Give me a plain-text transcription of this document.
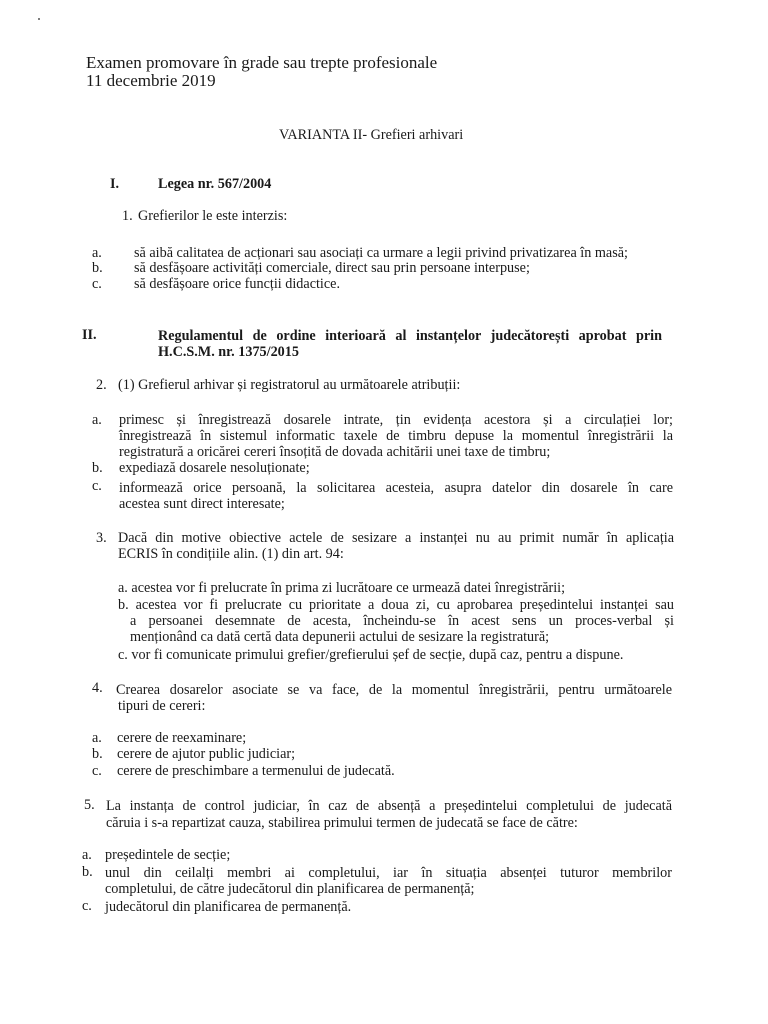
Examen promovare în grade sau trepte profesionale
11 decembrie 2019
VARIANTA II- Grefieri arhivari
I.	Legea nr. 567/2004
1. Grefierilor le este interzis:
a. să aibă calitatea de acționari sau asociați ca urmare a legii privind privatizarea în masă;
b. să desfășoare activități comerciale, direct sau prin persoane interpuse;
c. să desfășoare orice funcții didactice.
II.	Regulamentul de ordine interioară al instanțelor judecătorești aprobat prin
H.C.S.M. nr. 1375/2015
2. (1) Grefierul arhivar și registratorul au următoarele atribuții:
a. primesc și înregistrează dosarele intrate, țin evidența acestora și a circulației lor;
înregistrează în sistemul informatic taxele de timbru depuse la momentul înregistrării la
registratură a oricărei cereri însoțită de dovada achitării unei taxe de timbru;
b. expediază dosarele nesoluționate;
c. informează orice persoană, la solicitarea acesteia, asupra datelor din dosarele în care
acestea sunt direct interesate;
3. Dacă din motive obiective actele de sesizare a instanței nu au primit număr în aplicația
ECRIS în condițiile alin. (1) din art. 94:
a. acestea vor fi prelucrate în prima zi lucrătoare ce urmează datei înregistrării;
b. acestea vor fi prelucrate cu prioritate a doua zi, cu aprobarea președintelui instanței sau
a persoanei desemnate de acesta, încheindu-se în acest sens un proces-verbal și
menționând ca dată certă data depunerii actului de sesizare la registratură;
c. vor fi comunicate primului grefier/grefierului șef de secție, după caz, pentru a dispune.
4. Crearea dosarelor asociate se va face, de la momentul înregistrării, pentru următoarele
tipuri de cereri:
a. cerere de reexaminare;
b. cerere de ajutor public judiciar;
c. cerere de preschimbare a termenului de judecată.
5. La instanța de control judiciar, în caz de absență a președintelui completului de judecată
căruia i s-a repartizat cauza, stabilirea primului termen de judecată se face de către:
a. președintele de secție;
b. unul din ceilalți membri ai completului, iar în situația absenței tuturor membrilor
completului, de către judecătorul din planificarea de permanență;
c. judecătorul din planificarea de permanență.
